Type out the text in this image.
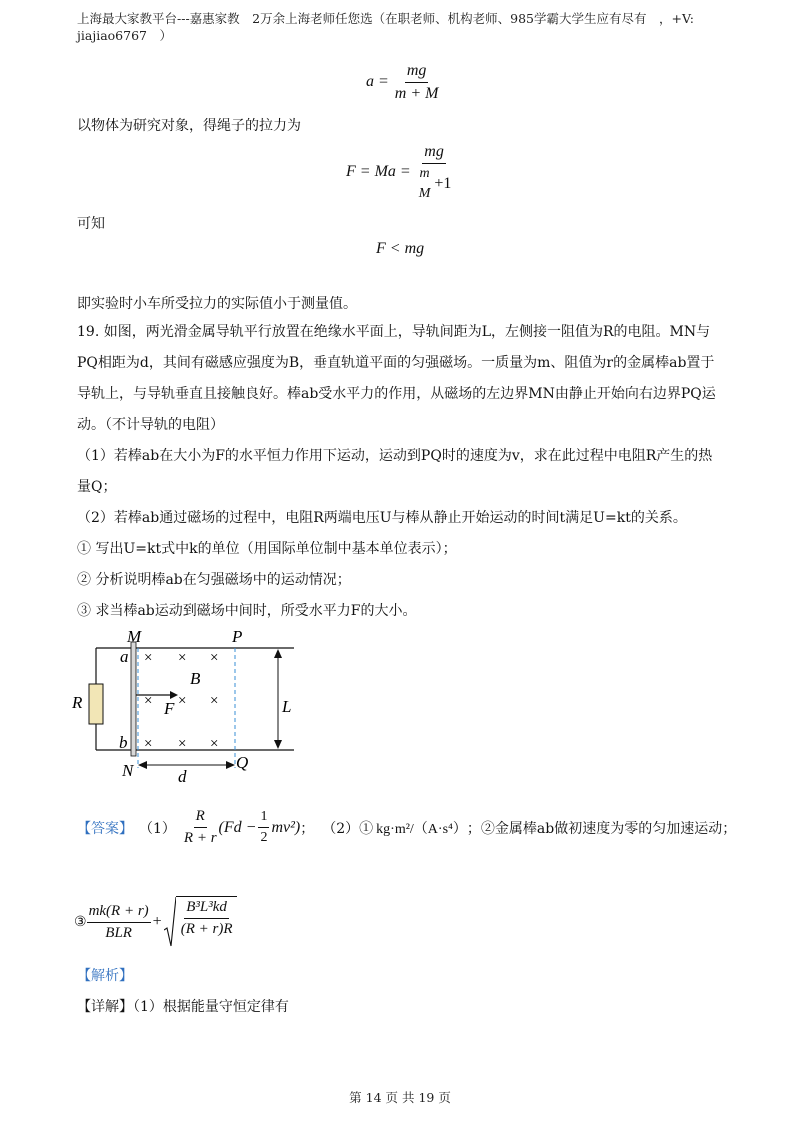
上海最大家教平台---嘉惠家教　2万余上海老师任您选（在职老师、机构老师、985学霸大学生应有尽有　，+V:
jiajiao6767　）
$a = \frac{mg}{m + M}$
以物体为研究对象，得绳子的拉力为
F = Ma = mg
m
M
+1
可知
F < mg
即实验时小车所受拉力的实际值小于测量值。
19. 如图，两光滑金属导轨平行放置在绝缘水平面上，导轨间距为L，左侧接一阻值为R的电阻。MN与
PQ相距为d，其间有磁感应强度为B，垂直轨道平面的匀强磁场。一质量为m、阻值为r的金属棒ab置于
导轨上，与导轨垂直且接触良好。棒ab受水平力的作用，从磁场的左边界MN由静止开始向右边界PQ运
动。（不计导轨的电阻）
（1）若棒ab在大小为F的水平恒力作用下运动，运动到PQ时的速度为v，求在此过程中电阻R产生的热
量Q；
（2）若棒ab通过磁场的过程中，电阻R两端电压U与棒从静止开始运动的时间t满足U=kt的关系。
① 写出U=kt式中k的单位（用国际单位制中基本单位表示）；
② 分析说明棒ab在匀强磁场中的运动情况；
③ 求当棒ab运动到磁场中间时，所受水平力F的大小。
R
M	P
a
b
N	Q
B
F	L
d
× × ×
× × ×
× × ×
【答案】 $(1) \frac{R}{R + r} (Fd - \frac{1}{2} mv^2)$ ； （2）① kg·m²/（A·s⁴） ；②金属棒ab做初速度为零的匀加速运动；
③ $\frac{mk(R + r)}{\text{BLR}} + \frac{\text{B³L³kd}}{(R + r)R}$
【解析】
【详解】（1）根据能量守恒定律有
第 14 页 共 19 页
